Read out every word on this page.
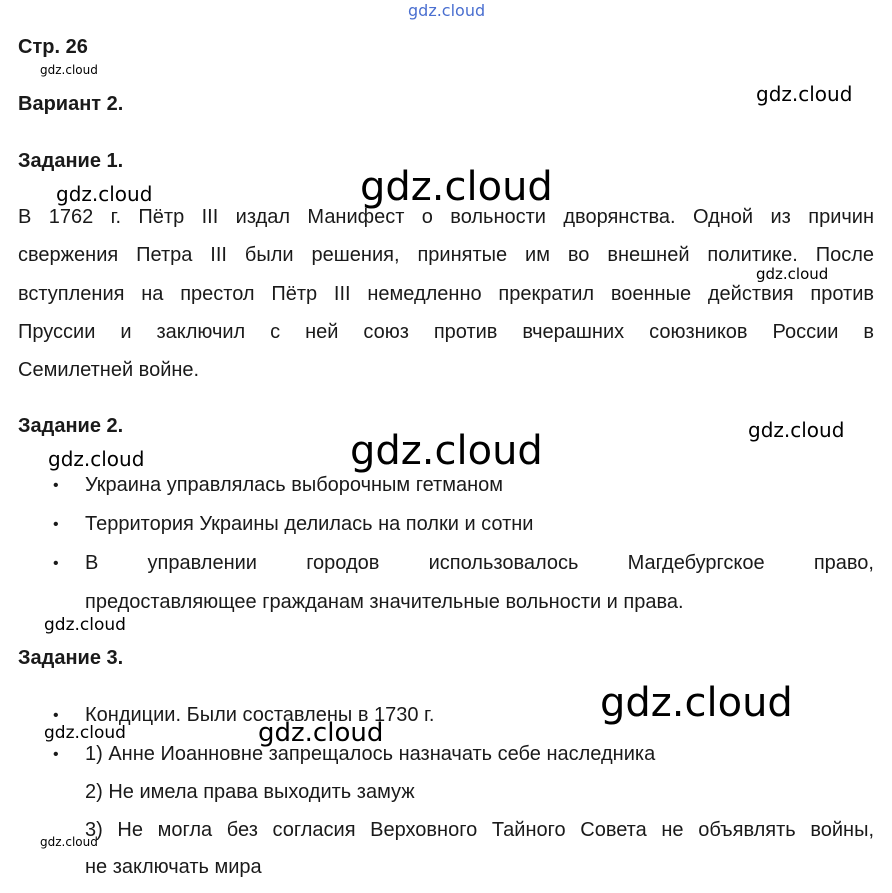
gdz.cloud
Стр. 26
gdz.cloud
Вариант 2.	gdz.cloud
Задание 1.
gdz.cloud	gdz.cloud
В 1762 г. Пётр III издал Манифест о вольности дворянства. Одной из причин
свержения Петра III были решения, принятые им во внешней политике. После
gdz.cloud
вступления на престол Пётр III немедленно прекратил военные действия против
Пруссии и заключил с ней союз против вчерашних союзников России в
Семилетней войне.
Задание 2.	gdz.cloud
gdz.cloud	gdz.cloud
• Украина управлялась выборочным гетманом
• Территория Украины делилась на полки и сотни
• В управлении городов использовалось Магдебургское право,
предоставляющее гражданам значительные вольности и права.
gdz.cloud
Задание 3.
gdz.cloud
• Кондиции. Были составлены в 1730 г.
gdz.cloud	gdz.cloud
• 1) Анне Иоанновне запрещалось назначать себе наследника
2) Не имела права выходить замуж
gdz.cloud
3) Не могла без согласия Верховного Тайного Совета не объявлять войны,
не заключать мира
